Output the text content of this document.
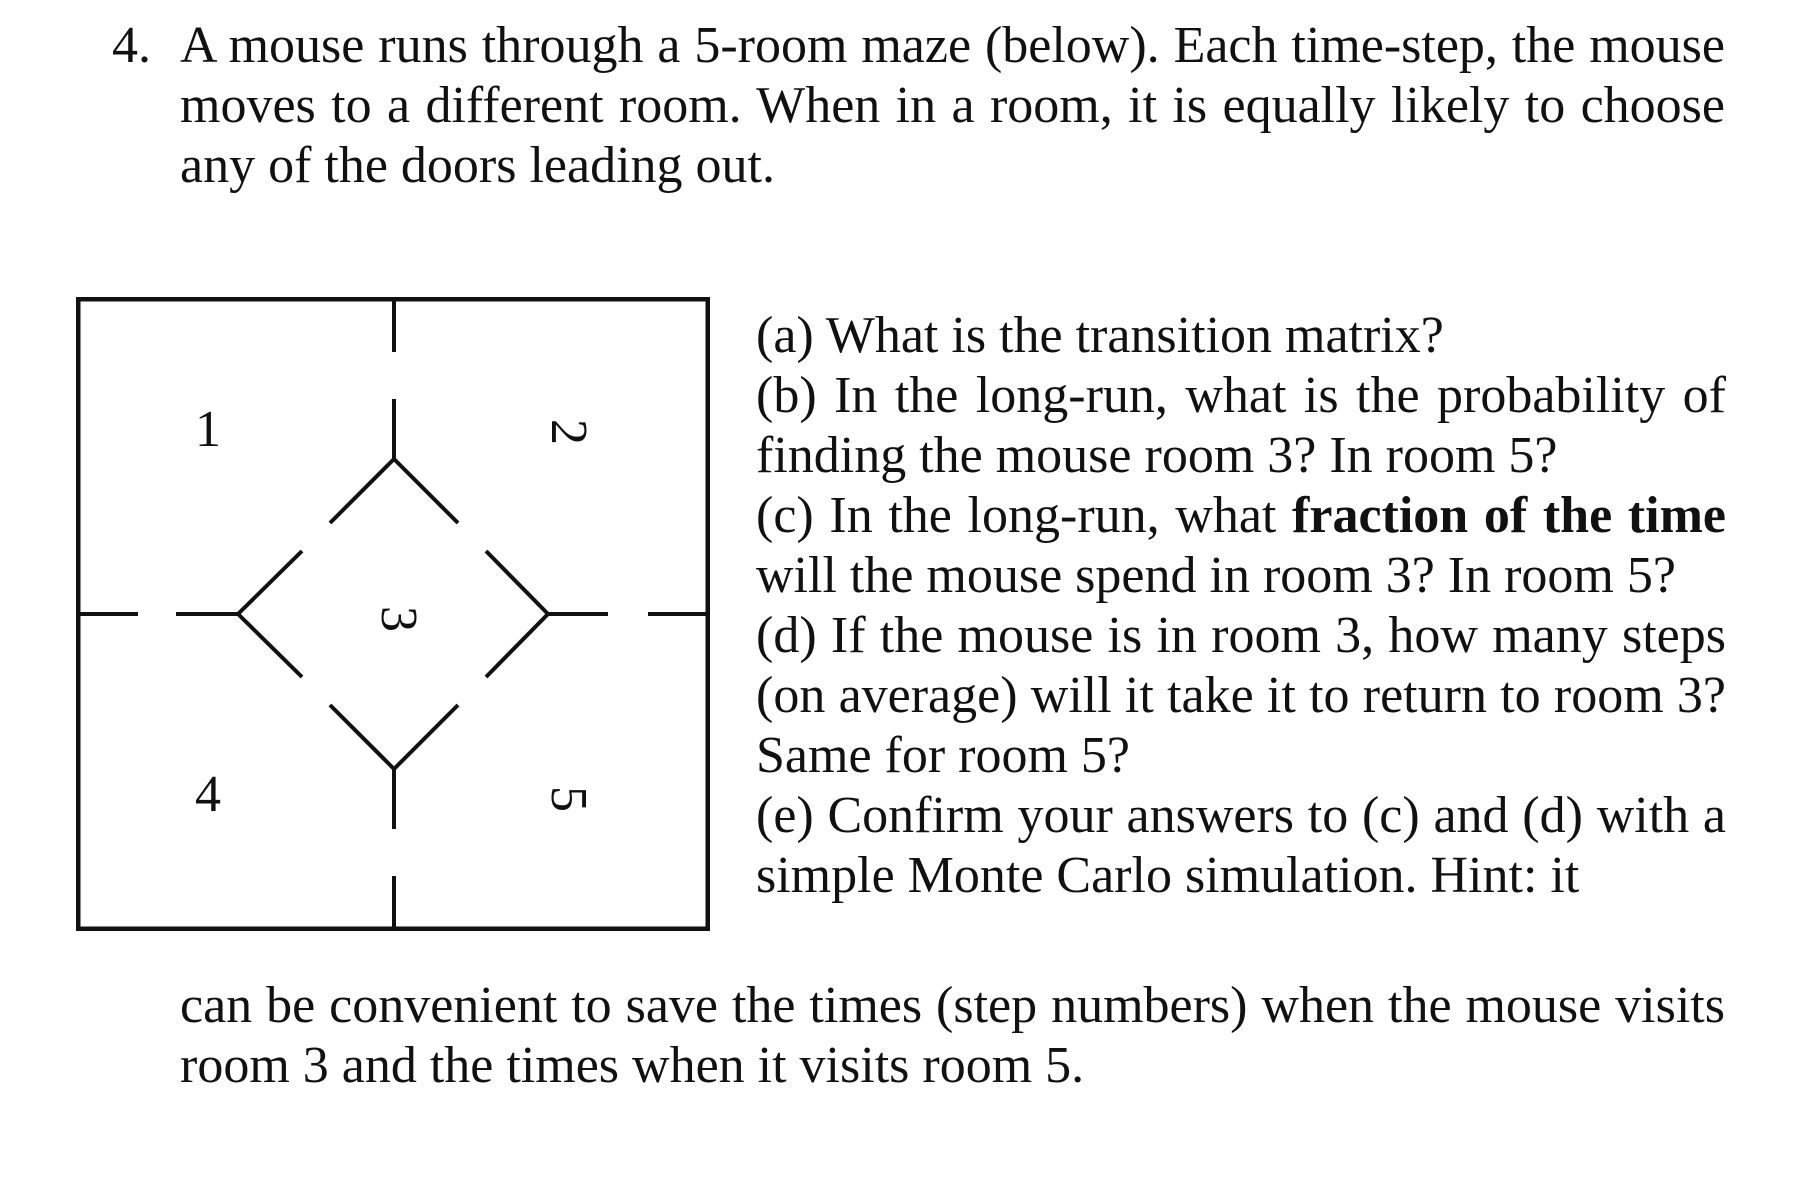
4. A mouse runs through a 5-room maze (below). Each time-step, the mouse moves to a different room. When in a room, it is equally likely to choose any of the doors leading out.
1	2
3
4	5

(a) What is the transition matrix?

(b) In the long-run, what is the probability of finding the mouse room 3? In room 5?

(c) In the long-run, what fraction of the time will the mouse spend in room 3? In room 5?

(d) If the mouse is in room 3, how many steps (on average) will it take it to return to room 3? Same for room 5?

(e) Confirm your answers to (c) and (d) with a simple Monte Carlo simulation. Hint: it

can be convenient to save the times (step numbers) when the mouse visits room 3 and the times when it visits room 5.
